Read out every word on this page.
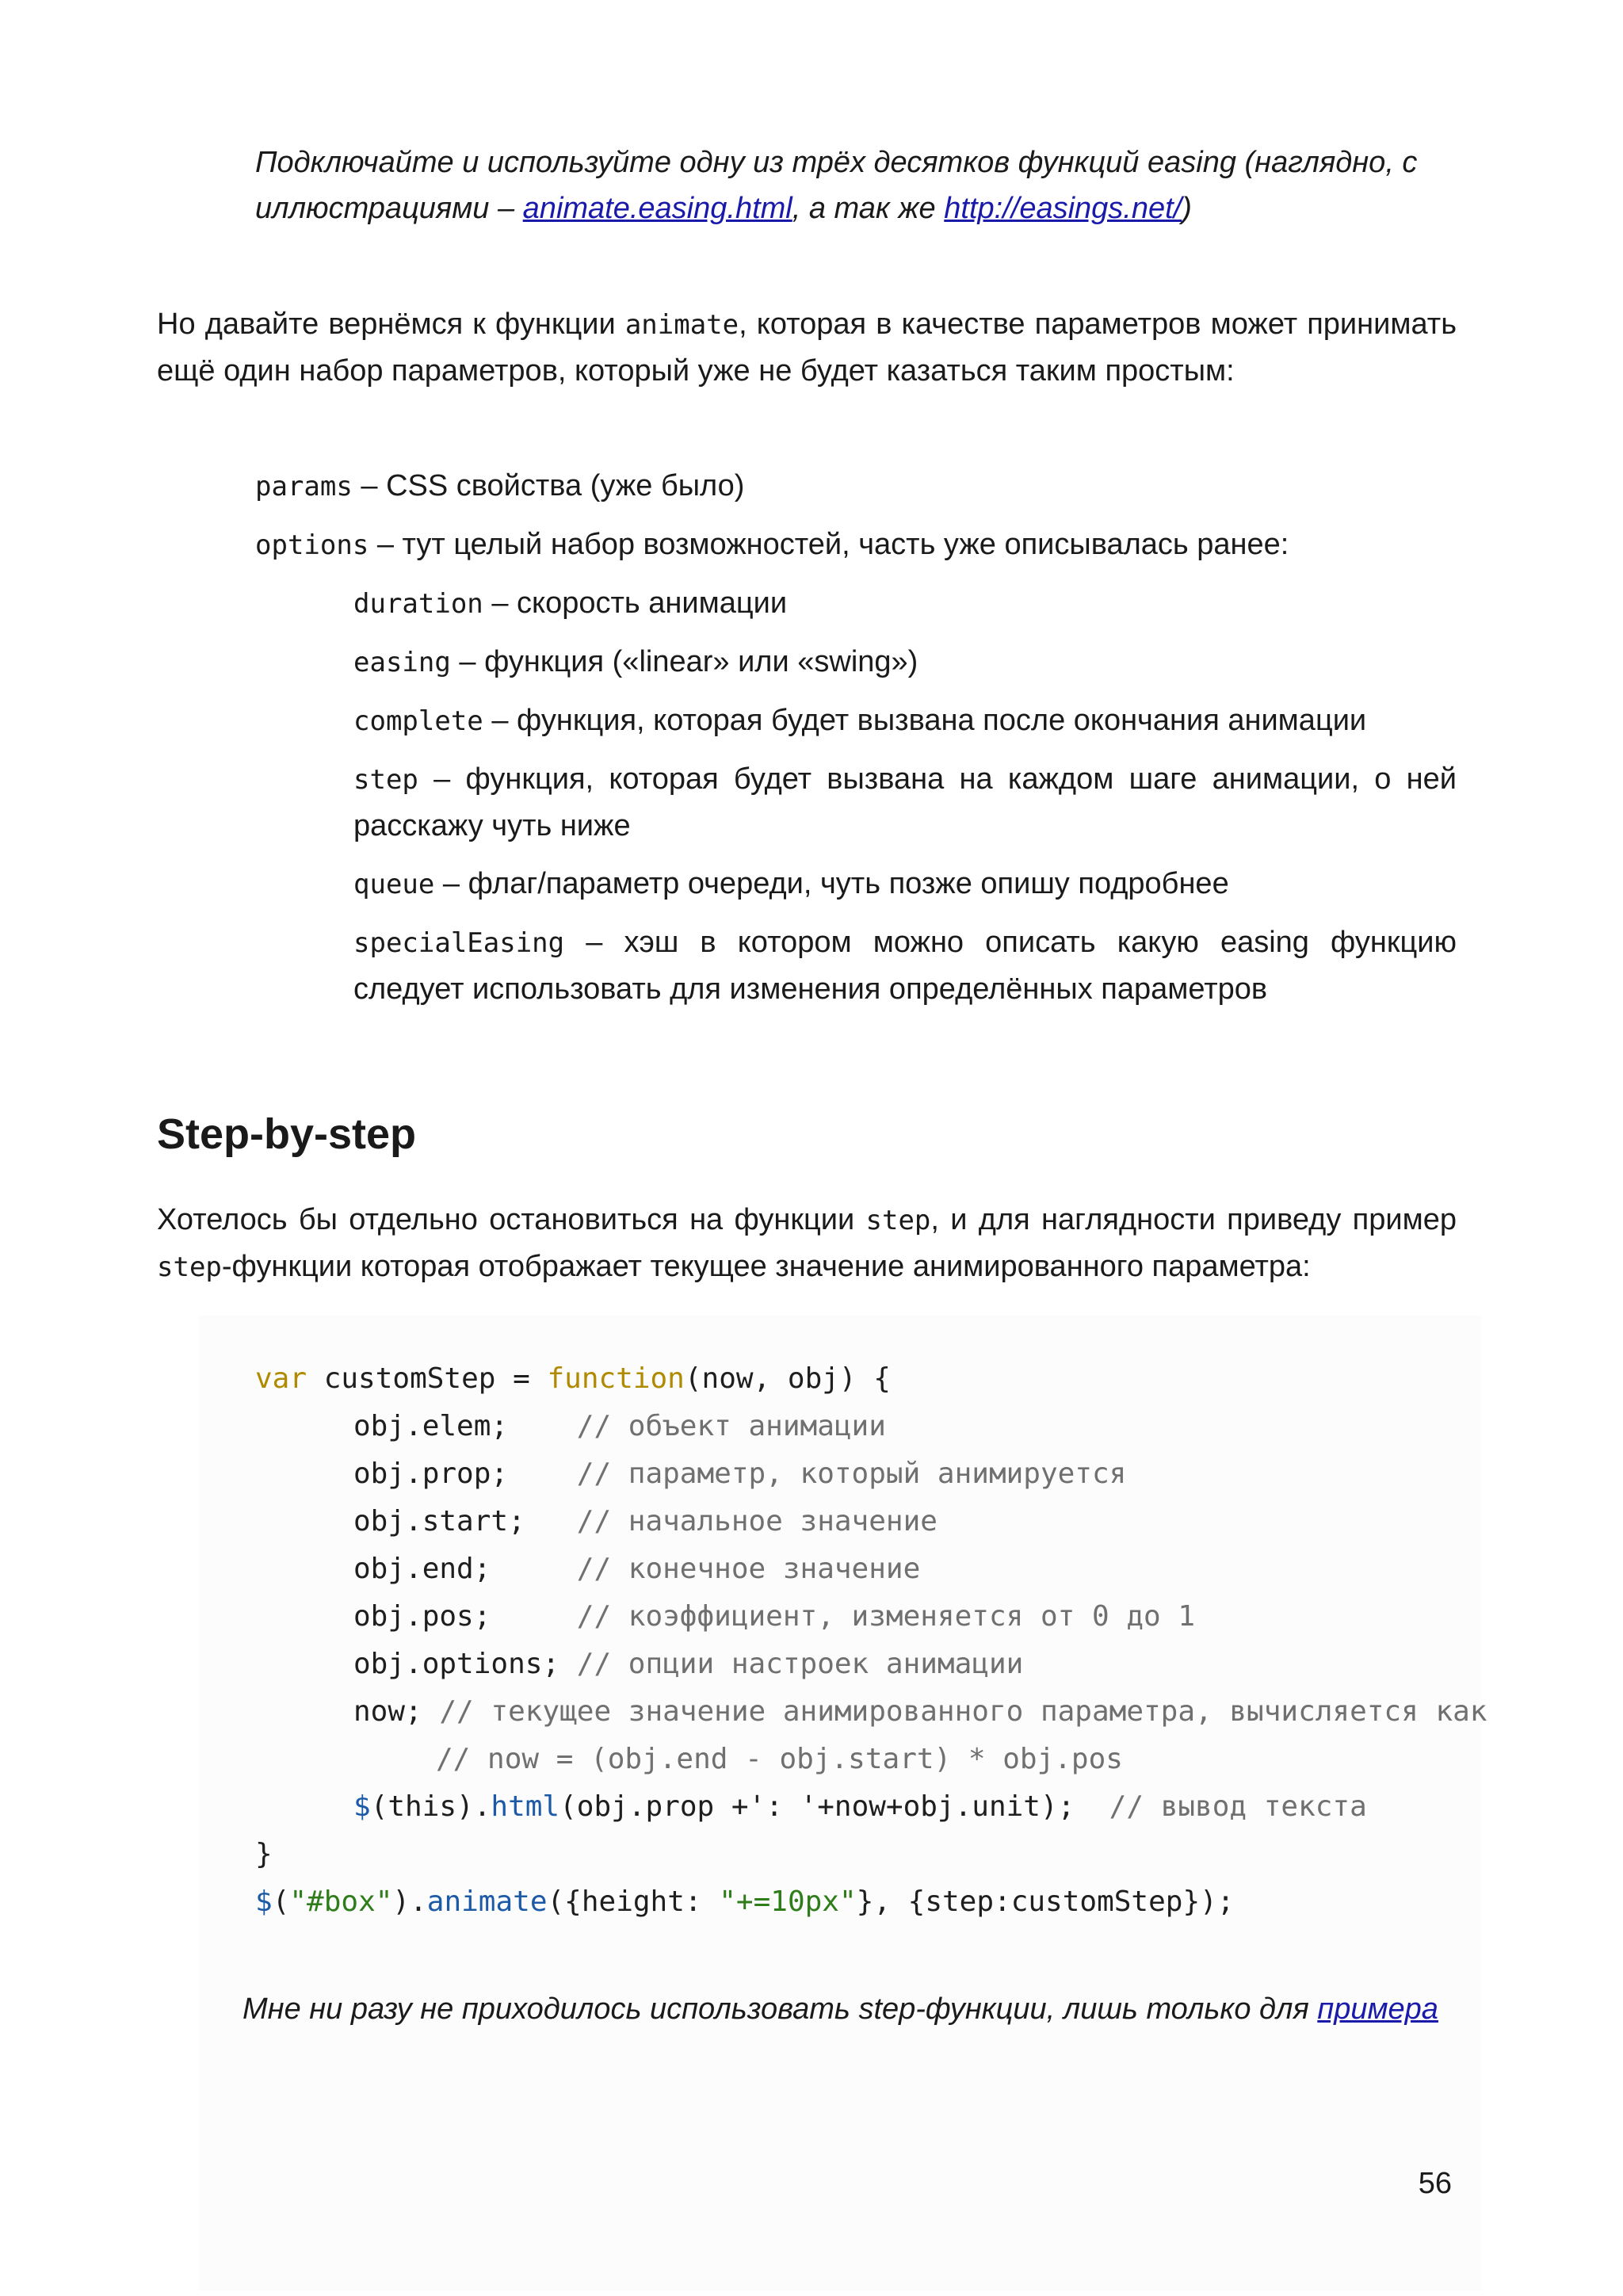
Подключайте и используйте одну из трёх десятков функций easing (наглядно, с иллюстрациями – animate.easing.html, а так же http://easings.net/)

Но давайте вернёмся к функции animate, которая в качестве параметров может принимать ещё один набор параметров, который уже не будет казаться таким простым:

params – CSS свойства (уже было)

options – тут целый набор возможностей, часть уже описывалась ранее:

duration – скорость анимации

easing – функция («linear» или «swing»)

complete – функция, которая будет вызвана после окончания анимации

step – функция, которая будет вызвана на каждом шаге анимации, о ней расскажу чуть ниже

queue – флаг/параметр очереди, чуть позже опишу подробнее

specialEasing – хэш в котором можно описать какую easing функцию следует использовать для изменения определённых параметров

Step-by-step

Хотелось бы отдельно остановиться на функции step, и для наглядности приведу пример step-функции которая отображает текущее значение анимированного параметра:

var customStep = function(now, obj) {
obj.elem;    // объект анимации
obj.prop;    // параметр, который анимируется
obj.start;   // начальное значение
obj.end;     // конечное значение
obj.pos;     // коэффициент, изменяется от 0 до 1
obj.options; // опции настроек анимации
now; // текущее значение анимированного параметра, вычисляется как
// now = (obj.end - obj.start) * obj.pos
$(this).html(obj.prop +': '+now+obj.unit);  // вывод текста
}
$("#box").animate({height: "+=10px"}, {step:customStep});

Мне ни разу не приходилось использовать step-функции, лишь только для примера

56
